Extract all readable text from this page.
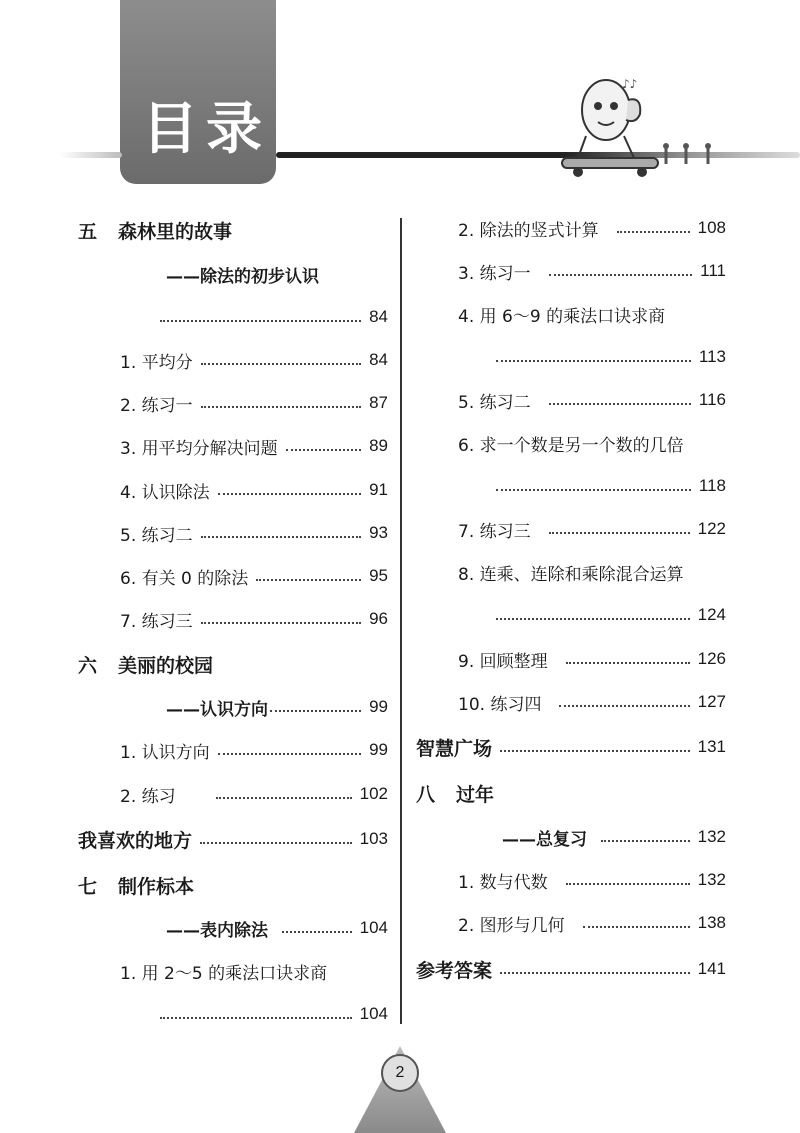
目录
♪♪
五	森林里的故事
——除法的初步认识
84
1. 平均分	84
2. 练习一	87
3. 用平均分解决问题	89
4. 认识除法	91
5. 练习二	93
6. 有关 0 的除法	95
7. 练习三	96
六	美丽的校园
——认识方向	99
1. 认识方向	99
2. 练习	102
我喜欢的地方	103
七	制作标本
——表内除法	104
1. 用 2～5 的乘法口诀求商
104
2. 除法的竖式计算	108
3. 练习一	111
4. 用 6～9 的乘法口诀求商
113
5. 练习二	116
6. 求一个数是另一个数的几倍
118
7. 练习三	122
8. 连乘、连除和乘除混合运算
124
9. 回顾整理	126
10. 练习四	127
智慧广场	131
八	过年
——总复习	132
1. 数与代数	132
2. 图形与几何	138
参考答案	141
2
